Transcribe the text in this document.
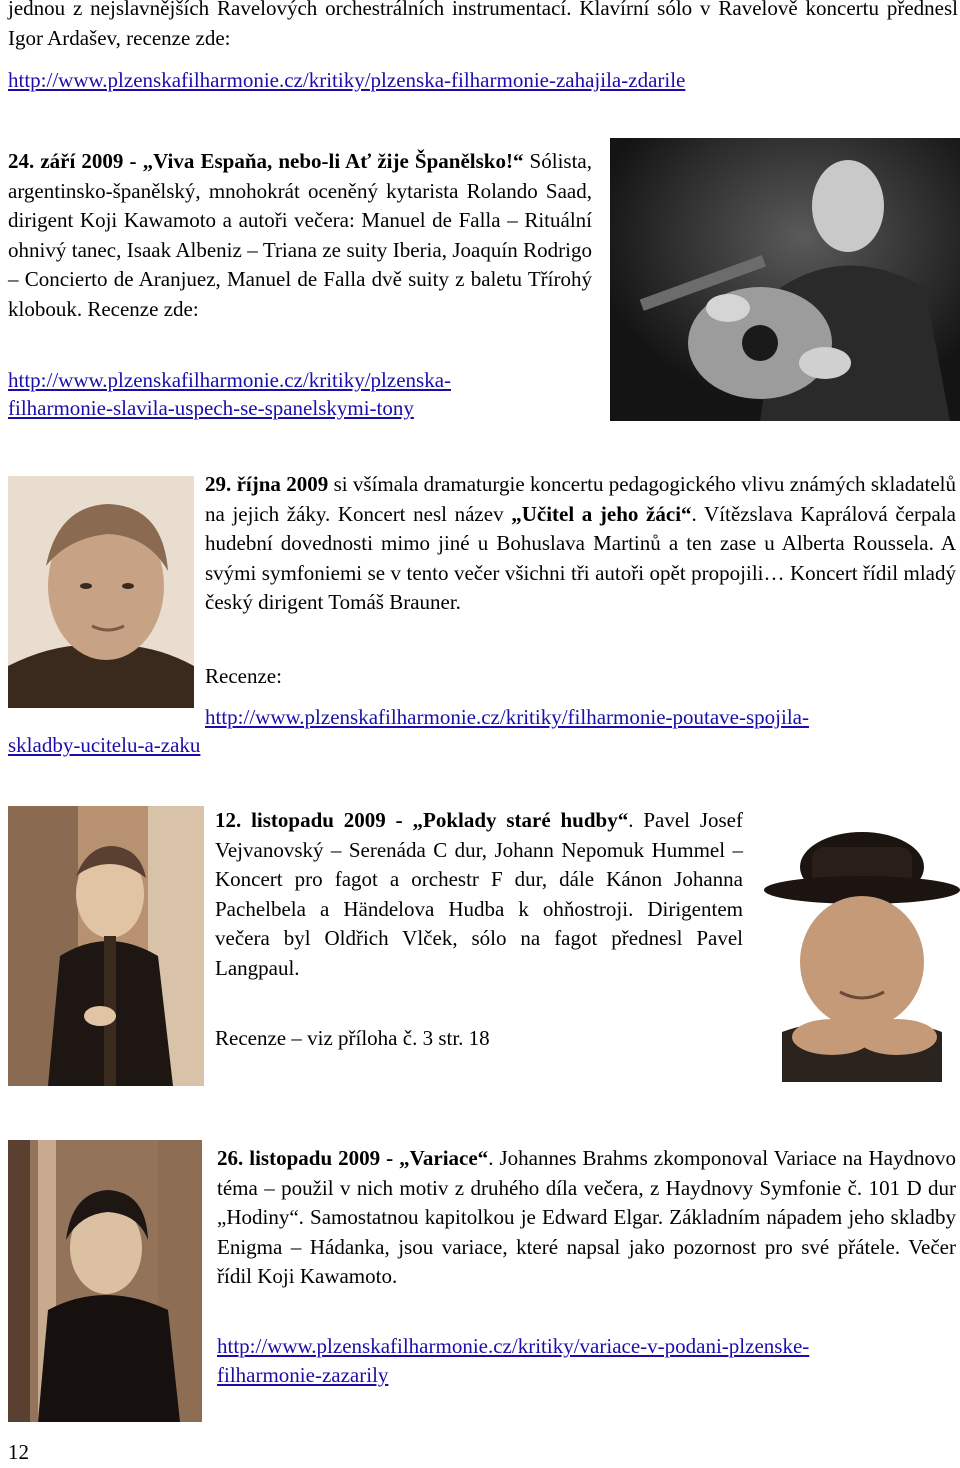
jednou z nejslavnějších Ravelových orchestrálních instrumentací. Klavírní sólo v Ravelově koncertu přednesl Igor Ardašev, recenze zde:

http://www.plzenskafilharmonie.cz/kritiky/plzenska-filharmonie-zahajila-zdarile

24. září 2009 - „Viva Espaňa, nebo-li Ať žije Španělsko!“ Sólista, argentinsko-španělský, mnohokrát oceněný kytarista Rolando Saad, dirigent Koji Kawamoto a autoři večera: Manuel de Falla – Rituální ohnivý tanec, Isaak Albeniz – Triana ze suity Iberia, Joaquín Rodrigo – Concierto de Aranjuez, Manuel de Falla dvě suity z baletu Třírohý klobouk. Recenze zde:

http://www.plzenskafilharmonie.cz/kritiky/plzenska-filharmonie-slavila-uspech-se-spanelskymi-tony

29. října 2009 si všímala dramaturgie koncertu pedagogického vlivu známých skladatelů na jejich žáky. Koncert nesl název „Učitel a jeho žáci“. Vítězslava Kaprálová čerpala hudební dovednosti mimo jiné u Bohuslava Martinů a ten zase u Alberta Roussela. A svými symfoniemi se v tento večer všichni tři autoři opět propojili… Koncert řídil mladý český dirigent Tomáš Brauner.

Recenze:

http://www.plzenskafilharmonie.cz/kritiky/filharmonie-poutave-spojila-

skladby-ucitelu-a-zaku

12. listopadu 2009 - „Poklady staré hudby“. Pavel Josef Vejvanovský – Serenáda C dur, Johann Nepomuk Hummel – Koncert pro fagot a orchestr F dur, dále Kánon Johanna Pachelbela a Händelova Hudba k ohňostroji. Dirigentem večera byl Oldřich Vlček, sólo na fagot přednesl Pavel Langpaul.

Recenze – viz příloha č. 3 str. 18

26. listopadu 2009 - „Variace“. Johannes Brahms zkomponoval Variace na Haydnovo téma – použil v nich motiv z druhého díla večera, z Haydnovy Symfonie č. 101 D dur „Hodiny“. Samostatnou kapitolkou je Edward Elgar. Základním nápadem jeho skladby Enigma – Hádanka, jsou variace, které napsal jako pozornost pro své přátele. Večer řídil Koji Kawamoto.

http://www.plzenskafilharmonie.cz/kritiky/variace-v-podani-plzenske-filharmonie-zazarily

12
